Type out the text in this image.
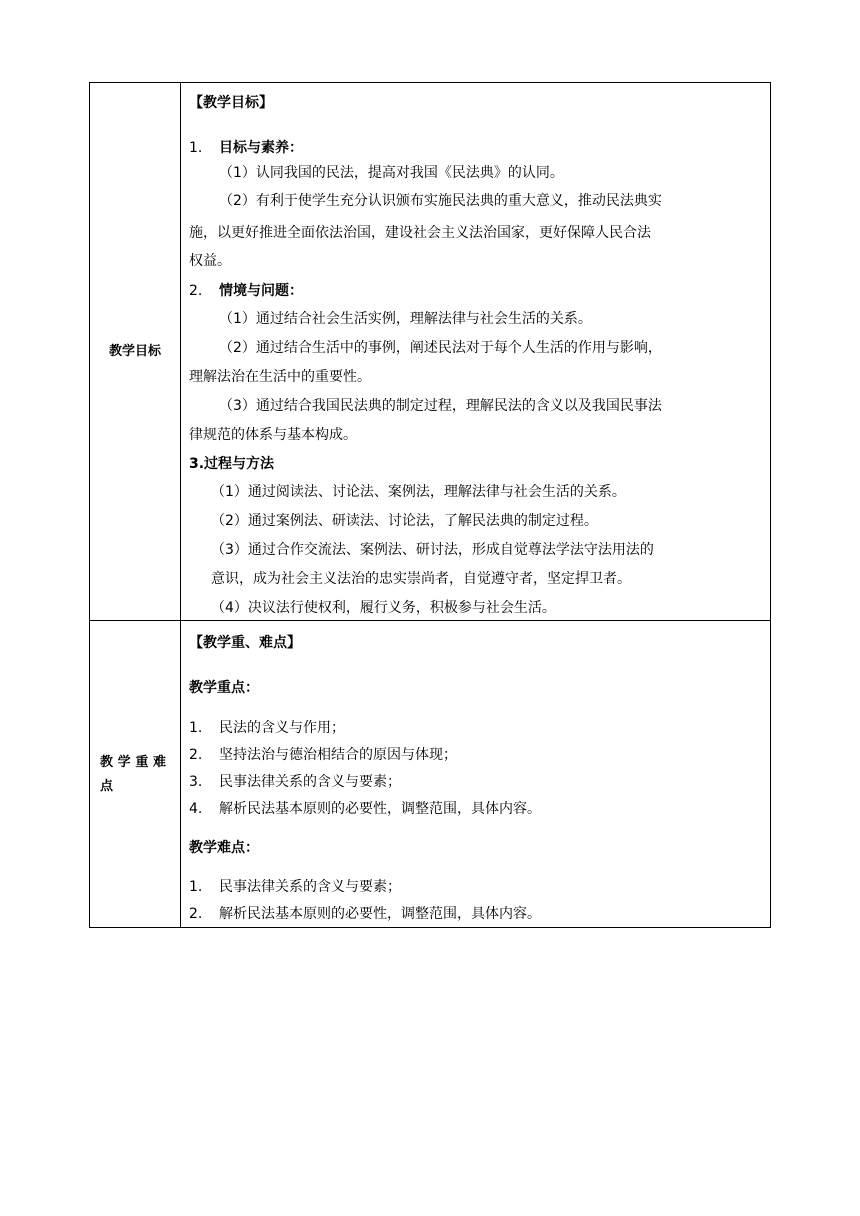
教学目标
【教学目标】
1. 目标与素养：
（1）认同我国的民法，提高对我国《民法典》的认同。
（2）有利于使学生充分认识颁布实施民法典的重大意义，推动民法典实
施，以更好推进全面依法治国，建设社会主义法治国家，更好保障人民合法
权益。
2. 情境与问题：
（1）通过结合社会生活实例，理解法律与社会生活的关系。
（2）通过结合生活中的事例，阐述民法对于每个人生活的作用与影响，
理解法治在生活中的重要性。
（3）通过结合我国民法典的制定过程，理解民法的含义以及我国民事法
律规范的体系与基本构成。
3.过程与方法
（1）通过阅读法、讨论法、案例法，理解法律与社会生活的关系。
（2）通过案例法、研读法、讨论法，了解民法典的制定过程。
（3）通过合作交流法、案例法、研讨法，形成自觉尊法学法守法用法的
意识，成为社会主义法治的忠实崇尚者，自觉遵守者，坚定捍卫者。
（4）决议法行使权利，履行义务，积极参与社会生活。
教学重难点
【教学重、难点】
教学重点：
1. 民法的含义与作用；
2. 坚持法治与德治相结合的原因与体现；
3. 民事法律关系的含义与要素；
4. 解析民法基本原则的必要性，调整范围，具体内容。
教学难点：
1. 民事法律关系的含义与要素；
2. 解析民法基本原则的必要性，调整范围，具体内容。
